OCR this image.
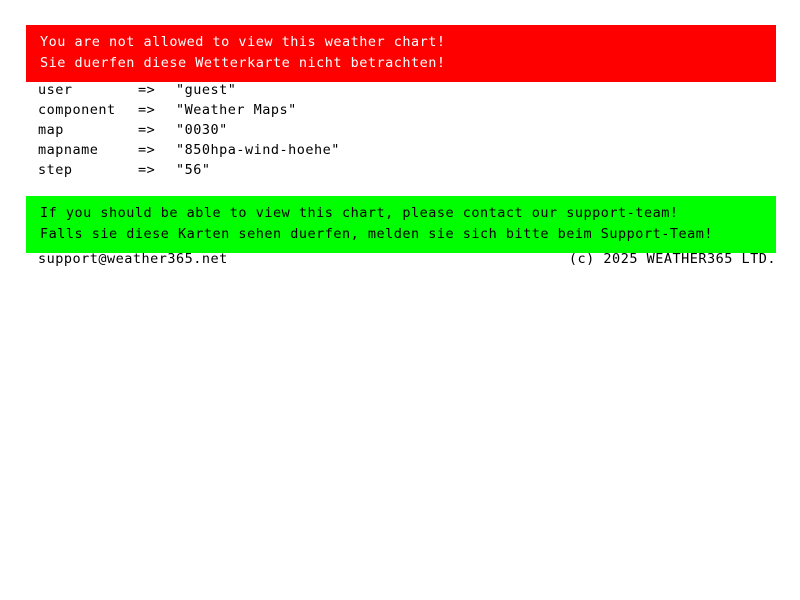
You are not allowed to view this weather chart!
Sie duerfen diese Wetterkarte nicht betrachten!
user	=>	"guest"
component	=>	"Weather Maps"
map	=>	"0030"
mapname	=>	"850hpa-wind-hoehe"
step	=>	"56"
If you should be able to view this chart, please contact our support-team!
Falls sie diese Karten sehen duerfen, melden sie sich bitte beim Support-Team!
support@weather365.net	(c) 2025 WEATHER365 LTD.
